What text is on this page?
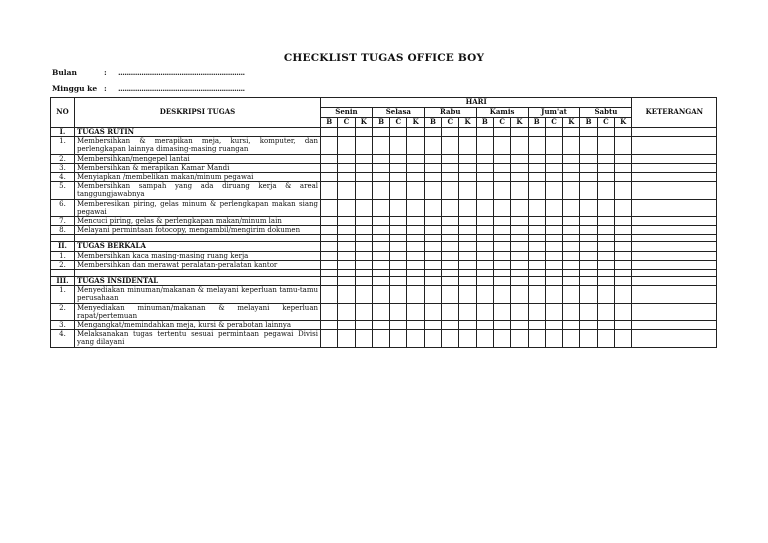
CHECKLIST TUGAS OFFICE BOY
Bulan	: ............................................................
Minggu ke : ............................................................
NO	DESKRIPSI TUGAS	HARI																		KETERANGAN
		Senin			Selasa			Rabu			Kamis			Jum'at			Sabtu			
		B	C	K	B	C	K	B	C	K	B	C	K	B	C	K	B	C	K	
I.	TUGAS RUTIN																			
1.	Membersihkan & merapikan meja, kursi, komputer, dan perlengkapan lainnya dimasing-masing ruangan																			
2.	Membersihkan/mengepel lantai																			
3.	Membersihkan & merapikan Kamar Mandi																			
4.	Menyiapkan /membelikan makan/minum pegawai																			
5.	Membersihkan sampah yang ada diruang kerja & areal tanggungjawabnya																			
6.	Memberesikan piring, gelas minum & perlengkapan makan siang pegawai																			
7.	Mencuci piring, gelas & perlengkapan makan/minum lain																			
8.	Melayani permintaan fotocopy, mengambil/mengirim dokumen																			

II.	TUGAS BERKALA																			
1.	Membersihkan kaca masing-masing ruang kerja																			
2.	Membersihkan dan merawat peralatan-peralatan kantor																			

III.	TUGAS INSIDENTAL																			
1.	Menyediakan minuman/makanan & melayani keperluan tamu-tamu perusahaan																			
2.	Menyediakan minuman/makanan & melayani keperluan rapat/pertemuan																			
3.	Mengangkat/memindahkan meja, kursi & perabotan lainnya																			
4.	Melaksanakan tugas tertentu sesuai permintaan pegawai Divisi yang dilayani																			
